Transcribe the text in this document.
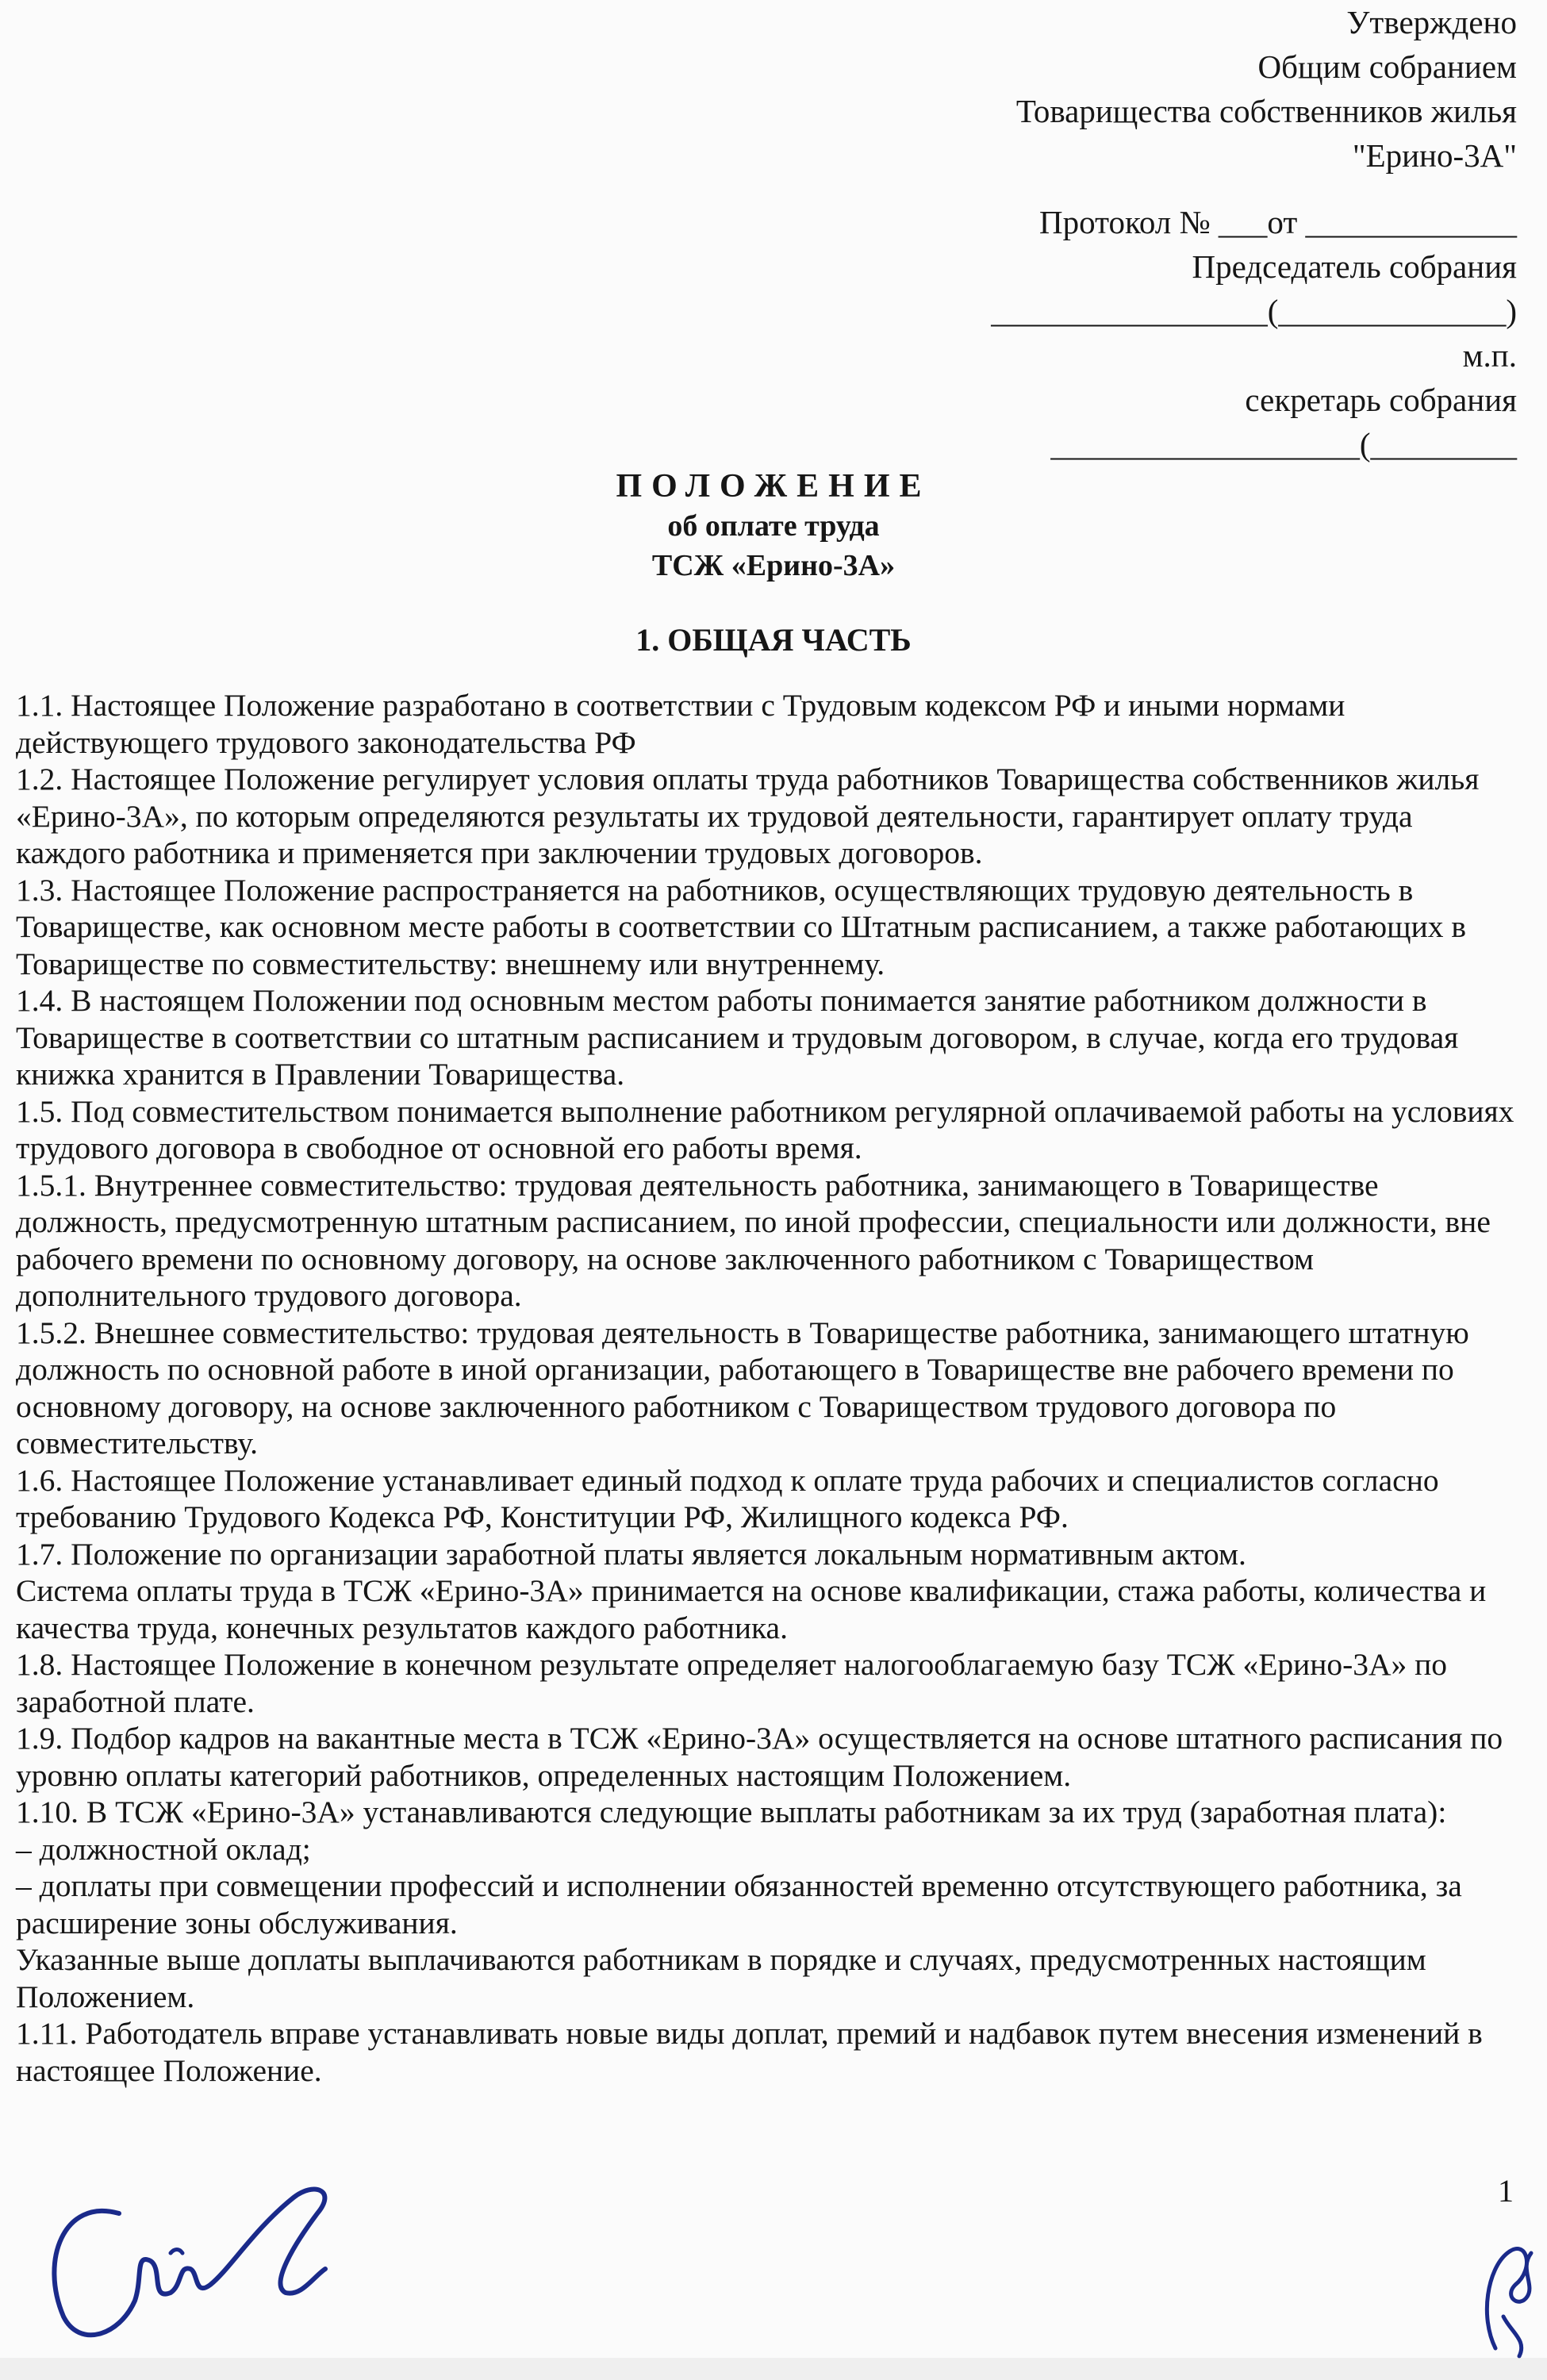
Утверждено
Общим собранием
Товарищества собственников жилья
"Ерино-3А"
Протокол № ___от _____________
Председатель собрания
_________________(______________)
м.п.
секретарь собрания
___________________(_________
ПОЛОЖЕНИЕ
об оплате труда
ТСЖ «Ерино-3А»
1. ОБЩАЯ ЧАСТЬ

1.1. Настоящее Положение разработано в соответствии с Трудовым кодексом РФ и иными нормами действующего трудового законодательства РФ

1.2. Настоящее Положение регулирует условия оплаты труда работников Товарищества собственников жилья «Ерино-3А», по которым определяются результаты их трудовой деятельности, гарантирует оплату труда каждого работника и применяется при заключении трудовых договоров.

1.3. Настоящее Положение распространяется на работников, осуществляющих трудовую деятельность в Товариществе, как основном месте работы в соответствии со Штатным расписанием, а также работающих в Товариществе по совместительству: внешнему или внутреннему.

1.4. В настоящем Положении под основным местом работы понимается занятие работником должности в Товариществе в соответствии со штатным расписанием и трудовым договором, в случае, когда его трудовая книжка хранится в Правлении Товарищества.

1.5. Под совместительством понимается выполнение работником регулярной оплачиваемой работы на условиях трудового договора в свободное от основной его работы время.

1.5.1. Внутреннее совместительство: трудовая деятельность работника, занимающего в Товариществе должность, предусмотренную штатным расписанием, по иной профессии, специальности или должности, вне рабочего времени по основному договору, на основе заключенного работником с Товариществом дополнительного трудового договора.

1.5.2. Внешнее совместительство: трудовая деятельность в Товариществе работника, занимающего штатную должность по основной работе в иной организации, работающего в Товариществе вне рабочего времени по основному договору, на основе заключенного работником с Товариществом трудового договора по совместительству.

1.6. Настоящее Положение устанавливает единый подход к оплате труда рабочих и специалистов согласно требованию Трудового Кодекса РФ, Конституции РФ, Жилищного кодекса РФ.

1.7. Положение по организации заработной платы является локальным нормативным актом.

Система оплаты труда в ТСЖ «Ерино-3А» принимается на основе квалификации, стажа работы, количества и качества труда, конечных результатов каждого работника.

1.8. Настоящее Положение в конечном результате определяет налогооблагаемую базу ТСЖ «Ерино-3А» по заработной плате.

1.9. Подбор кадров на вакантные места в ТСЖ «Ерино-3А» осуществляется на основе штатного расписания по уровню оплаты категорий работников, определенных настоящим Положением.

1.10. В ТСЖ «Ерино-3А» устанавливаются следующие выплаты работникам за их труд (заработная плата):

– должностной оклад;

– доплаты при совмещении профессий и исполнении обязанностей временно отсутствующего работника, за расширение зоны обслуживания.

Указанные выше доплаты выплачиваются работникам в порядке и случаях, предусмотренных настоящим Положением.

1.11. Работодатель вправе устанавливать новые виды доплат, премий и надбавок путем внесения изменений в настоящее Положение.

1
